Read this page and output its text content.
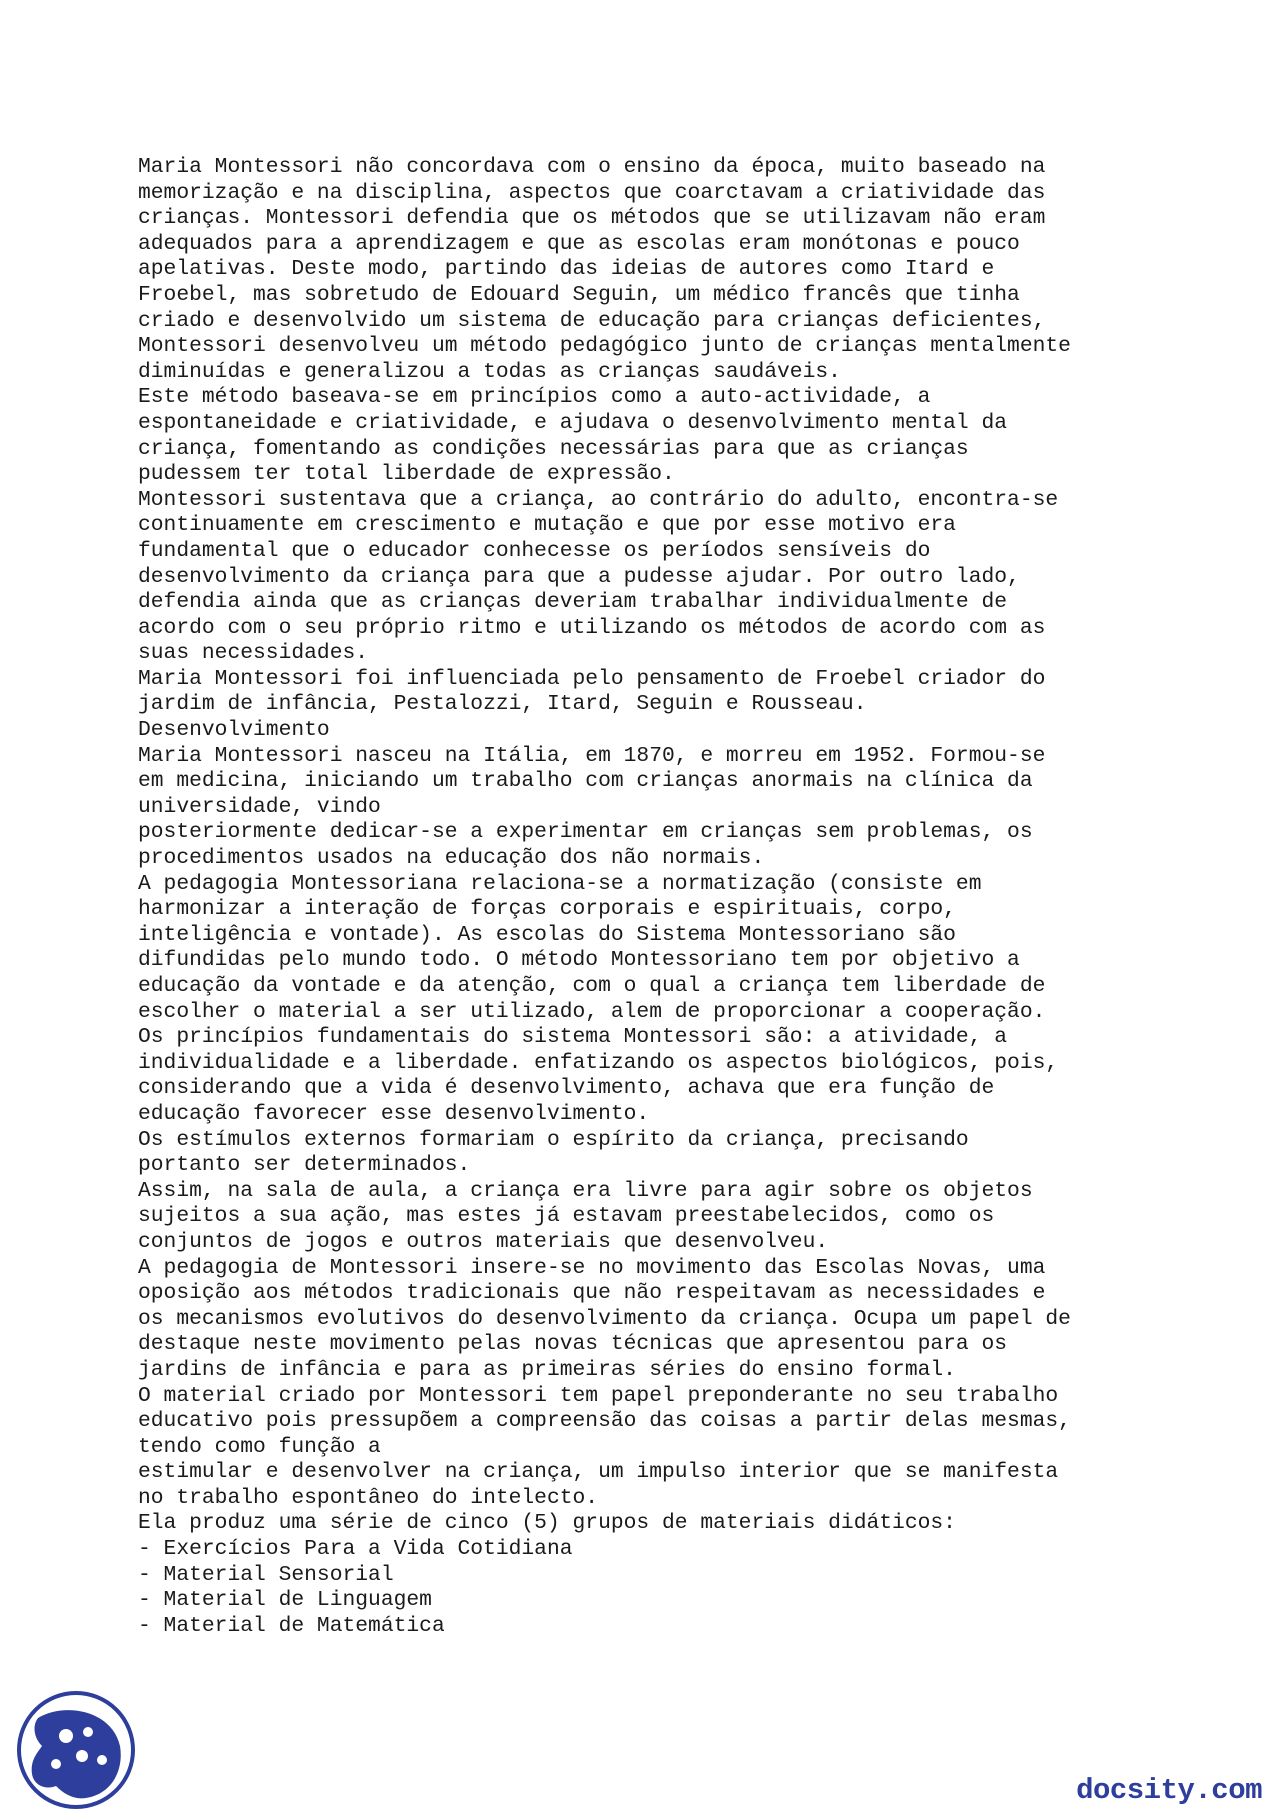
Maria Montessori não concordava com o ensino da época, muito baseado na
memorização e na disciplina, aspectos que coarctavam a criatividade das
crianças. Montessori defendia que os métodos que se utilizavam não eram
adequados para a aprendizagem e que as escolas eram monótonas e pouco
apelativas. Deste modo, partindo das ideias de autores como Itard e
Froebel, mas sobretudo de Edouard Seguin, um médico francês que tinha
criado e desenvolvido um sistema de educação para crianças deficientes,
Montessori desenvolveu um método pedagógico junto de crianças mentalmente
diminuídas e generalizou a todas as crianças saudáveis.
Este método baseava-se em princípios como a auto-actividade, a
espontaneidade e criatividade, e ajudava o desenvolvimento mental da
criança, fomentando as condições necessárias para que as crianças
pudessem ter total liberdade de expressão.
Montessori sustentava que a criança, ao contrário do adulto, encontra-se
continuamente em crescimento e mutação e que por esse motivo era
fundamental que o educador conhecesse os períodos sensíveis do
desenvolvimento da criança para que a pudesse ajudar. Por outro lado,
defendia ainda que as crianças deveriam trabalhar individualmente de
acordo com o seu próprio ritmo e utilizando os métodos de acordo com as
suas necessidades.
Maria Montessori foi influenciada pelo pensamento de Froebel criador do
jardim de infância, Pestalozzi, Itard, Seguin e Rousseau.
Desenvolvimento
Maria Montessori nasceu na Itália, em 1870, e morreu em 1952. Formou-se
em medicina, iniciando um trabalho com crianças anormais na clínica da
universidade, vindo
posteriormente dedicar-se a experimentar em crianças sem problemas, os
procedimentos usados na educação dos não normais.
A pedagogia Montessoriana relaciona-se a normatização (consiste em
harmonizar a interação de forças corporais e espirituais, corpo,
inteligência e vontade). As escolas do Sistema Montessoriano são
difundidas pelo mundo todo. O método Montessoriano tem por objetivo a
educação da vontade e da atenção, com o qual a criança tem liberdade de
escolher o material a ser utilizado, alem de proporcionar a cooperação.
Os princípios fundamentais do sistema Montessori são: a atividade, a
individualidade e a liberdade. enfatizando os aspectos biológicos, pois,
considerando que a vida é desenvolvimento, achava que era função de
educação favorecer esse desenvolvimento.
Os estímulos externos formariam o espírito da criança, precisando
portanto ser determinados.
Assim, na sala de aula, a criança era livre para agir sobre os objetos
sujeitos a sua ação, mas estes já estavam preestabelecidos, como os
conjuntos de jogos e outros materiais que desenvolveu.
A pedagogia de Montessori insere-se no movimento das Escolas Novas, uma
oposição aos métodos tradicionais que não respeitavam as necessidades e
os mecanismos evolutivos do desenvolvimento da criança. Ocupa um papel de
destaque neste movimento pelas novas técnicas que apresentou para os
jardins de infância e para as primeiras séries do ensino formal.
O material criado por Montessori tem papel preponderante no seu trabalho
educativo pois pressupõem a compreensão das coisas a partir delas mesmas,
tendo como função a
estimular e desenvolver na criança, um impulso interior que se manifesta
no trabalho espontâneo do intelecto.
Ela produz uma série de cinco (5) grupos de materiais didáticos:
- Exercícios Para a Vida Cotidiana
- Material Sensorial
- Material de Linguagem
- Material de Matemática
docsity.com
